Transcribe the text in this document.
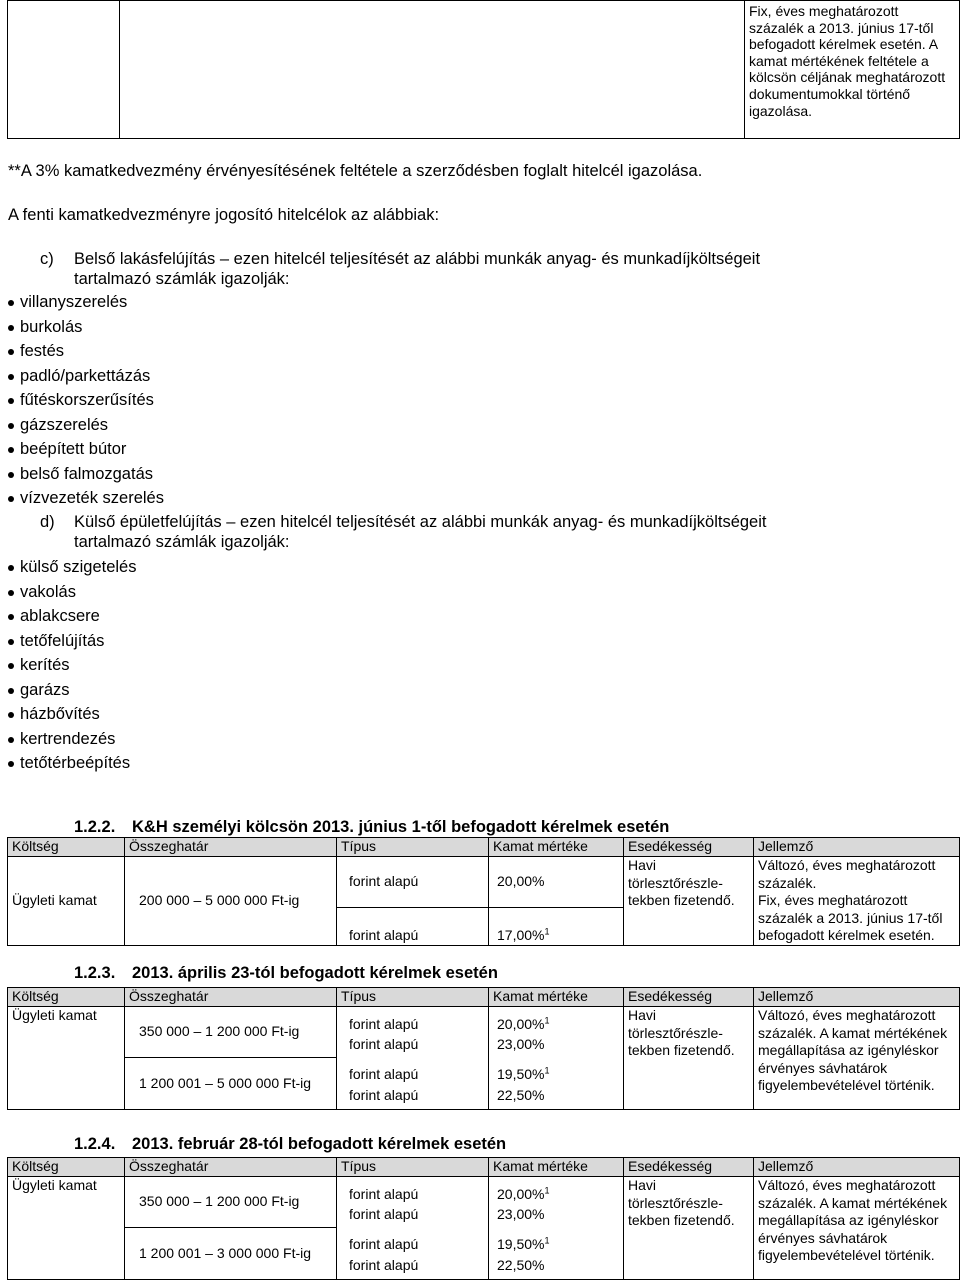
		Fix, éves meghatározott százalék a 2013. június 17-től befogadott kérelmek esetén. A kamat mértékének feltétele a kölcsön céljának meghatározott dokumentumokkal történő igazolása.
**A 3% kamatkedvezmény érvényesítésének feltétele a szerződésben foglalt hitelcél igazolása.
A fenti kamatkedvezményre jogosító hitelcélok az alábbiak:
c) Belső lakásfelújítás ‒ ezen hitelcél teljesítését az alábbi munkák anyag- és munkadíjköltségeit
tartalmazó számlák igazolják:
villanyszerelés
burkolás
festés
padló/parkettázás
fűtéskorszerűsítés
gázszerelés
beépített bútor
belső falmozgatás
vízvezeték szerelés
d) Külső épületfelújítás ‒ ezen hitelcél teljesítését az alábbi munkák anyag- és munkadíjköltségeit
tartalmazó számlák igazolják:
külső szigetelés
vakolás
ablakcsere
tetőfelújítás
kerítés
garázs
házbővítés
kertrendezés
tetőtérbeépítés
1.2.2. K&H személyi kölcsön 2013. június 1-től befogadott kérelmek esetén
Költség	Összeghatár	Típus	Kamat mértéke	Esedékesség	Jellemző
Ügyleti kamat	200 000 ‒ 5 000 000 Ft-ig	forint alapú	20,00%	Havi törlesztőrészle-tekben fizetendő.	Változó, éves meghatározott százalék.
Fix, éves meghatározott százalék a 2013. június 17-től befogadott kérelmek esetén.

		forint alapú	17,00%$^1$
1.2.3. 2013. április 23-tól befogadott kérelmek esetén
Költség	Összeghatár	Típus	Kamat mértéke	Esedékesség	Jellemző
Ügyleti kamat	350 000 ‒ 1 200 000 Ft-ig	forint alapú	20,00%$^1$	Havi törlesztőrészle-tekben fizetendő.	Változó, éves meghatározott százalék. A kamat mértékének megállapítása az igényléskor érvényes sávhatárok figyelembevételével történik.
		forint alapú	23,00%		
	1 200 001 ‒ 5 000 000 Ft-ig	forint alapú	19,50%$^1$
		forint alapú	22,50%		
1.2.4. 2013. február 28-tól befogadott kérelmek esetén
Költség	Összeghatár	Típus	Kamat mértéke	Esedékesség	Jellemző
Ügyleti kamat	350 000 ‒ 1 200 000 Ft-ig	forint alapú	20,00%$^1$	Havi törlesztőrészle-tekben fizetendő.	Változó, éves meghatározott százalék. A kamat mértékének megállapítása az igényléskor érvényes sávhatárok figyelembevételével történik.
		forint alapú	23,00%		
	1 200 001 ‒ 3 000 000 Ft-ig	forint alapú	19,50%$^1$
		forint alapú	22,50%		
